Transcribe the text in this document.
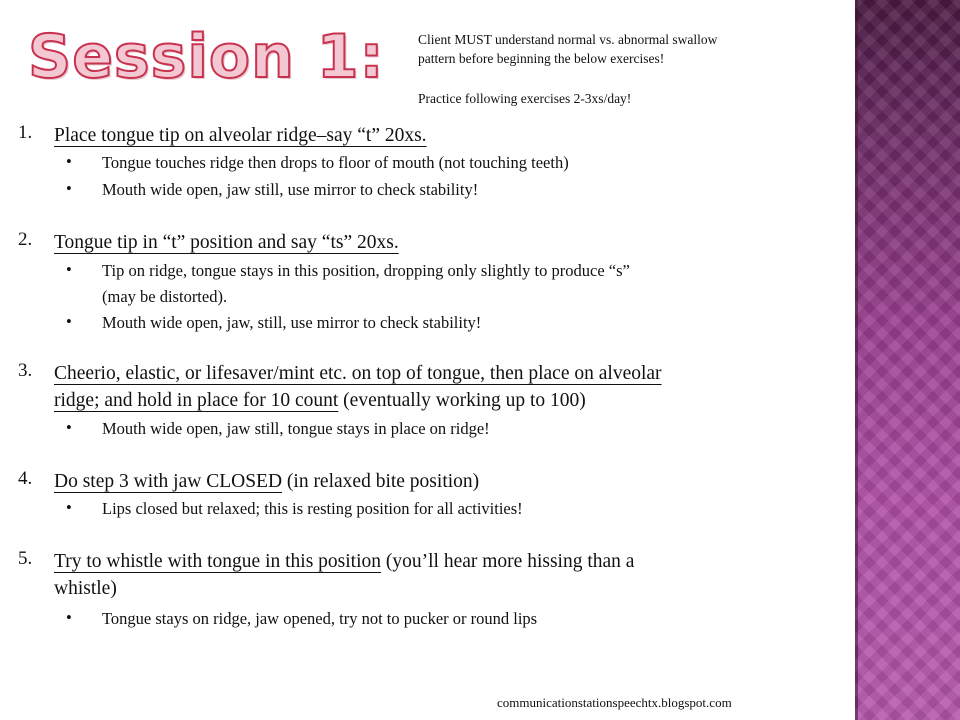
Session 1: Client MUST understand normal vs. abnormal swallow
pattern before beginning the below exercises!
Practice following exercises 2-3xs/day!
1. Place tongue tip on alveolar ridge–say “t” 20xs.
• Tongue touches ridge then drops to floor of mouth (not touching teeth)
• Mouth wide open, jaw still, use mirror to check stability!
2. Tongue tip in “t” position and say “ts” 20xs.
• Tip on ridge, tongue stays in this position, dropping only slightly to produce “s”
(may be distorted).
• Mouth wide open, jaw, still, use mirror to check stability!
3. Cheerio, elastic, or lifesaver/mint etc. on top of tongue, then place on alveolar
ridge; and hold in place for 10 count (eventually working up to 100)
• Mouth wide open, jaw still, tongue stays in place on ridge!
4. Do step 3 with jaw CLOSED (in relaxed bite position)
• Lips closed but relaxed; this is resting position for all activities!
5. Try to whistle with tongue in this position (you’ll hear more hissing than a
whistle)
• Tongue stays on ridge, jaw opened, try not to pucker or round lips
communicationstationspeechtx.blogspot.com
